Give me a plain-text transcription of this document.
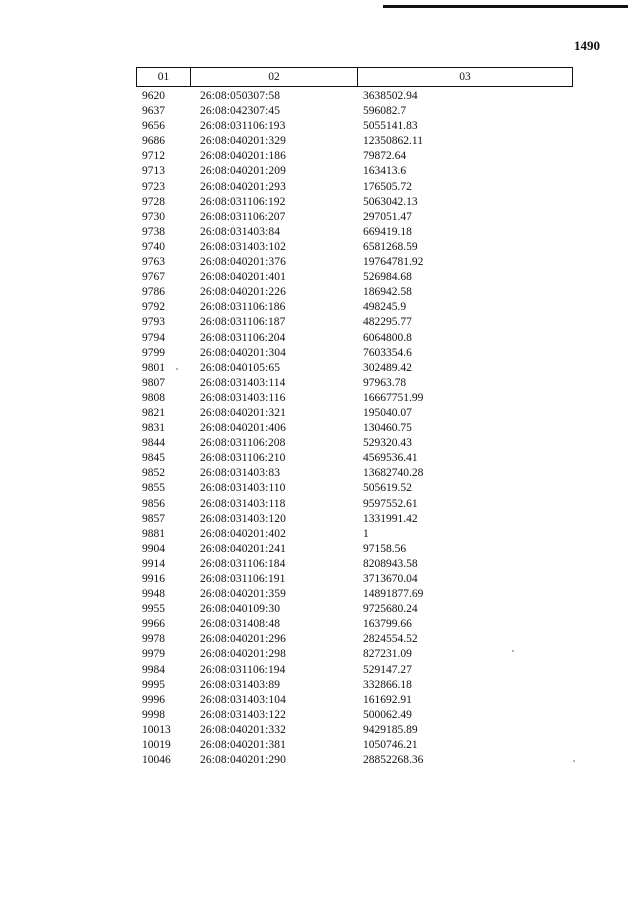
1490
01	02	03
9620	26:08:050307:58	3638502.94
9637	26:08:042307:45	596082.7
9656	26:08:031106:193	5055141.83
9686	26:08:040201:329	12350862.11
9712	26:08:040201:186	79872.64
9713	26:08:040201:209	163413.6
9723	26:08:040201:293	176505.72
9728	26:08:031106:192	5063042.13
9730	26:08:031106:207	297051.47
9738	26:08:031403:84	669419.18
9740	26:08:031403:102	6581268.59
9763	26:08:040201:376	19764781.92
9767	26:08:040201:401	526984.68
9786	26:08:040201:226	186942.58
9792	26:08:031106:186	498245.9
9793	26:08:031106:187	482295.77
9794	26:08:031106:204	6064800.8
9799	26:08:040201:304	7603354.6
9801	26:08:040105:65	302489.42
9807	26:08:031403:114	97963.78
9808	26:08:031403:116	16667751.99
9821	26:08:040201:321	195040.07
9831	26:08:040201:406	130460.75
9844	26:08:031106:208	529320.43
9845	26:08:031106:210	4569536.41
9852	26:08:031403:83	13682740.28
9855	26:08:031403:110	505619.52
9856	26:08:031403:118	9597552.61
9857	26:08:031403:120	1331991.42
9881	26:08:040201:402	1
9904	26:08:040201:241	97158.56
9914	26:08:031106:184	8208943.58
9916	26:08:031106:191	3713670.04
9948	26:08:040201:359	14891877.69
9955	26:08:040109:30	9725680.24
9966	26:08:031408:48	163799.66
9978	26:08:040201:296	2824554.52
9979	26:08:040201:298	827231.09
9984	26:08:031106:194	529147.27
9995	26:08:031403:89	332866.18
9996	26:08:031403:104	161692.91
9998	26:08:031403:122	500062.49
10013	26:08:040201:332	9429185.89
10019	26:08:040201:381	1050746.21
10046	26:08:040201:290	28852268.36
